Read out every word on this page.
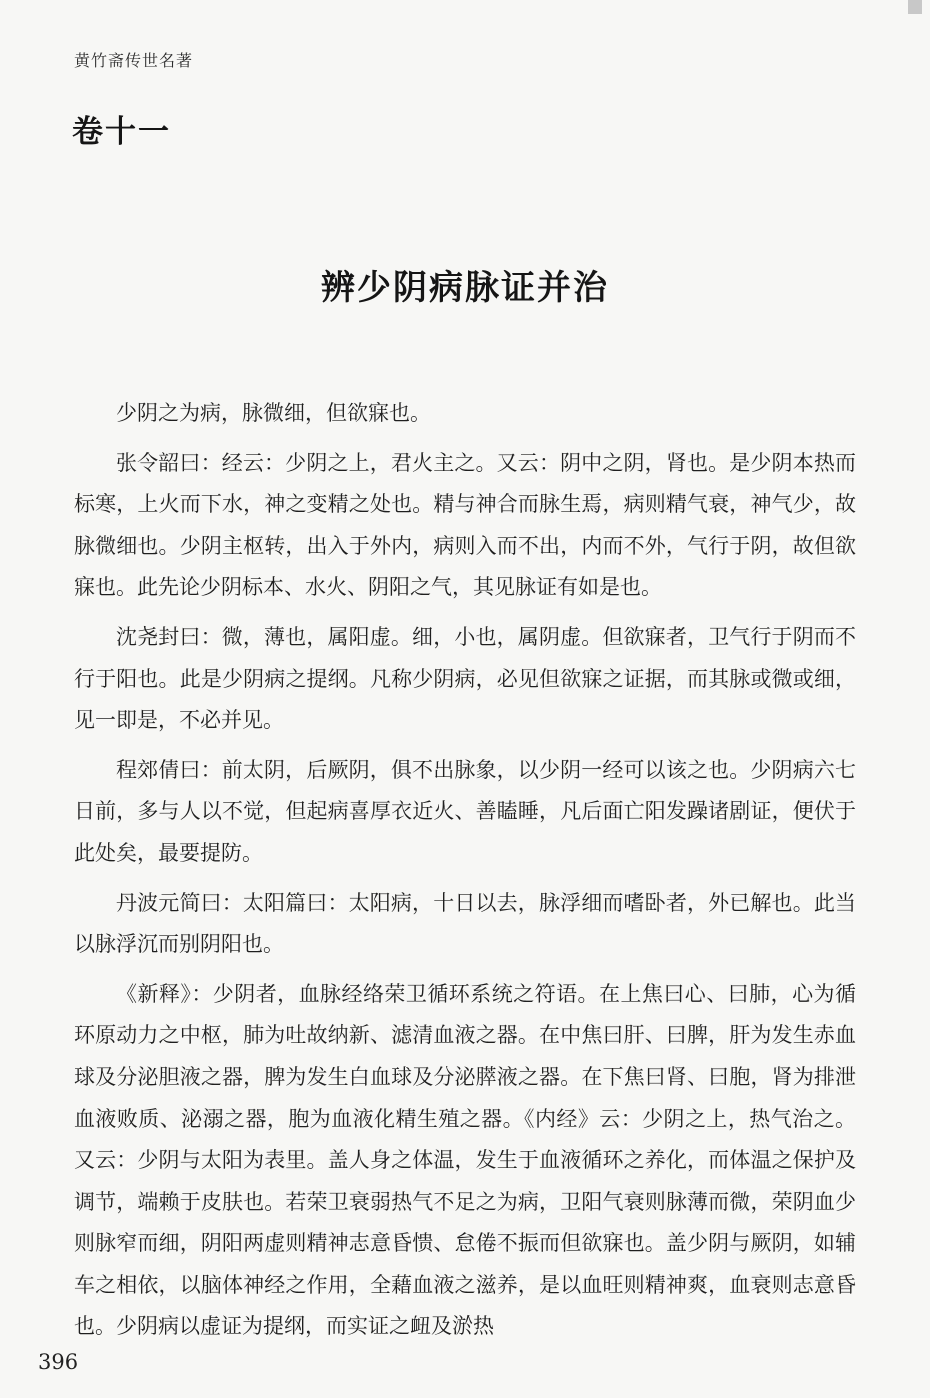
黄竹斋传世名著
卷十一
辨少阴病脉证并治

少阴之为病，脉微细，但欲寐也。

张令韶曰：经云：少阴之上，君火主之。又云：阴中之阴，肾也。是少阴本热而标寒，上火而下水，神之变精之处也。精与神合而脉生焉，病则精气衰，神气少，故脉微细也。少阴主枢转，出入于外内，病则入而不出，内而不外，气行于阴，故但欲寐也。此先论少阴标本、水火、阴阳之气，其见脉证有如是也。

沈尧封曰：微，薄也，属阳虚。细，小也，属阴虚。但欲寐者，卫气行于阴而不行于阳也。此是少阴病之提纲。凡称少阴病，必见但欲寐之证据，而其脉或微或细，见一即是，不必并见。

程郊倩曰：前太阴，后厥阴，俱不出脉象，以少阴一经可以该之也。少阴病六七日前，多与人以不觉，但起病喜厚衣近火、善瞌睡，凡后面亡阳发躁诸剧证，便伏于此处矣，最要提防。

丹波元简曰：太阳篇曰：太阳病，十日以去，脉浮细而嗜卧者，外已解也。此当以脉浮沉而别阴阳也。

《新释》：少阴者，血脉经络荣卫循环系统之符语。在上焦曰心、曰肺，心为循环原动力之中枢，肺为吐故纳新、滤清血液之器。在中焦曰肝、曰脾，肝为发生赤血球及分泌胆液之器，脾为发生白血球及分泌膵液之器。在下焦曰肾、曰胞，肾为排泄血液败质、泌溺之器，胞为血液化精生殖之器。《内经》云：少阴之上，热气治之。又云：少阴与太阳为表里。盖人身之体温，发生于血液循环之养化，而体温之保护及调节，端赖于皮肤也。若荣卫衰弱热气不足之为病，卫阳气衰则脉薄而微，荣阴血少则脉窄而细，阴阳两虚则精神志意昏愦、怠倦不振而但欲寐也。盖少阴与厥阴，如辅车之相依，以脑体神经之作用，全藉血液之滋养，是以血旺则精神爽，血衰则志意昏也。少阴病以虚证为提纲，而实证之衄及淤热

396
